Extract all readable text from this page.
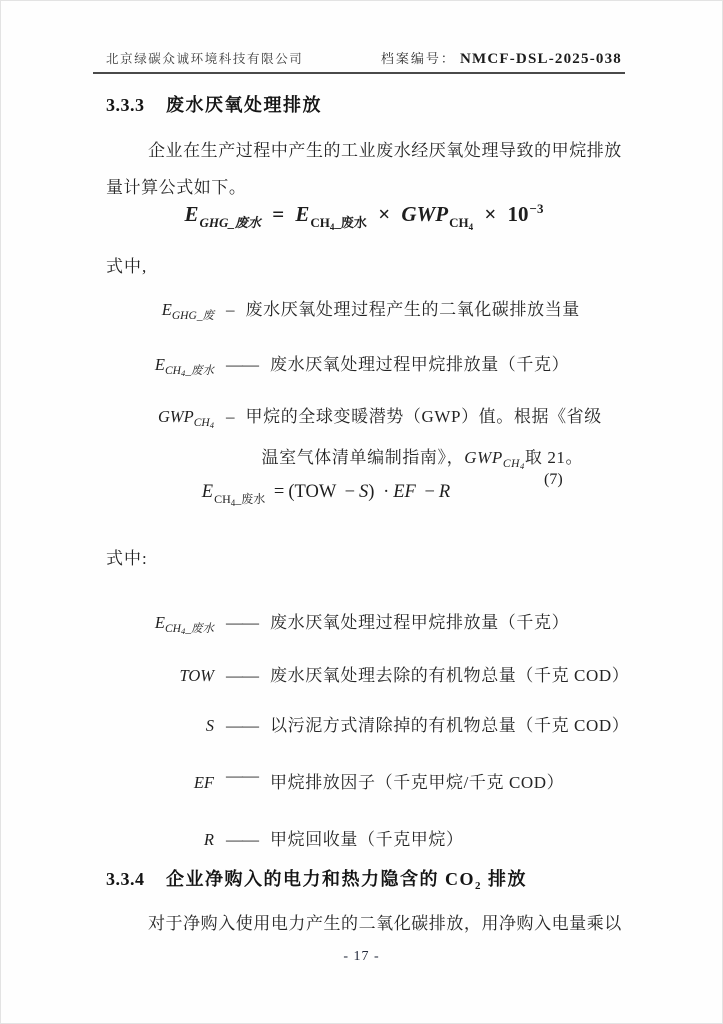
北京绿碳众诚环境科技有限公司	档案编号： NMCF-DSL-2025-038
3.3.3 废水厌氧处理排放
企业在生产过程中产生的工业废水经厌氧处理导致的甲烷排放
量计算公式如下。
$E_{GHG\_废水} = E_{CH_4\_废水} \times GWP_{CH_4} \times 10^{-3}$
式中,
$E_{GHG\_废}$ – 废水厌氧处理过程产生的二氧化碳排放当量
$E_{CH4\_废水}$ —— 废水厌氧处理过程甲烷排放量（千克）
$GWP_{CH4}$ – 甲烷的全球变暖潜势（GWP）值。根据《省级
温室气体清单编制指南》，$GWP_{CH4}$取 21。
$E_{CH_4\_废水} = (TOW - S)$ · EF − R
(7)
式中:
$E_{CH4\_废水}$ —— 废水厌氧处理过程甲烷排放量（千克）
TOW —— 废水厌氧处理去除的有机物总量（千克 COD）
S —— 以污泥方式清除掉的有机物总量（千克 COD）
EF —— 甲烷排放因子（千克甲烷/千克 COD）
R —— 甲烷回收量（千克甲烷）
3.3.4 企业净购入的电力和热力隐含的 $CO_2$ 排放
对于净购入使用电力产生的二氧化碳排放，用净购入电量乘以
- 17 -
